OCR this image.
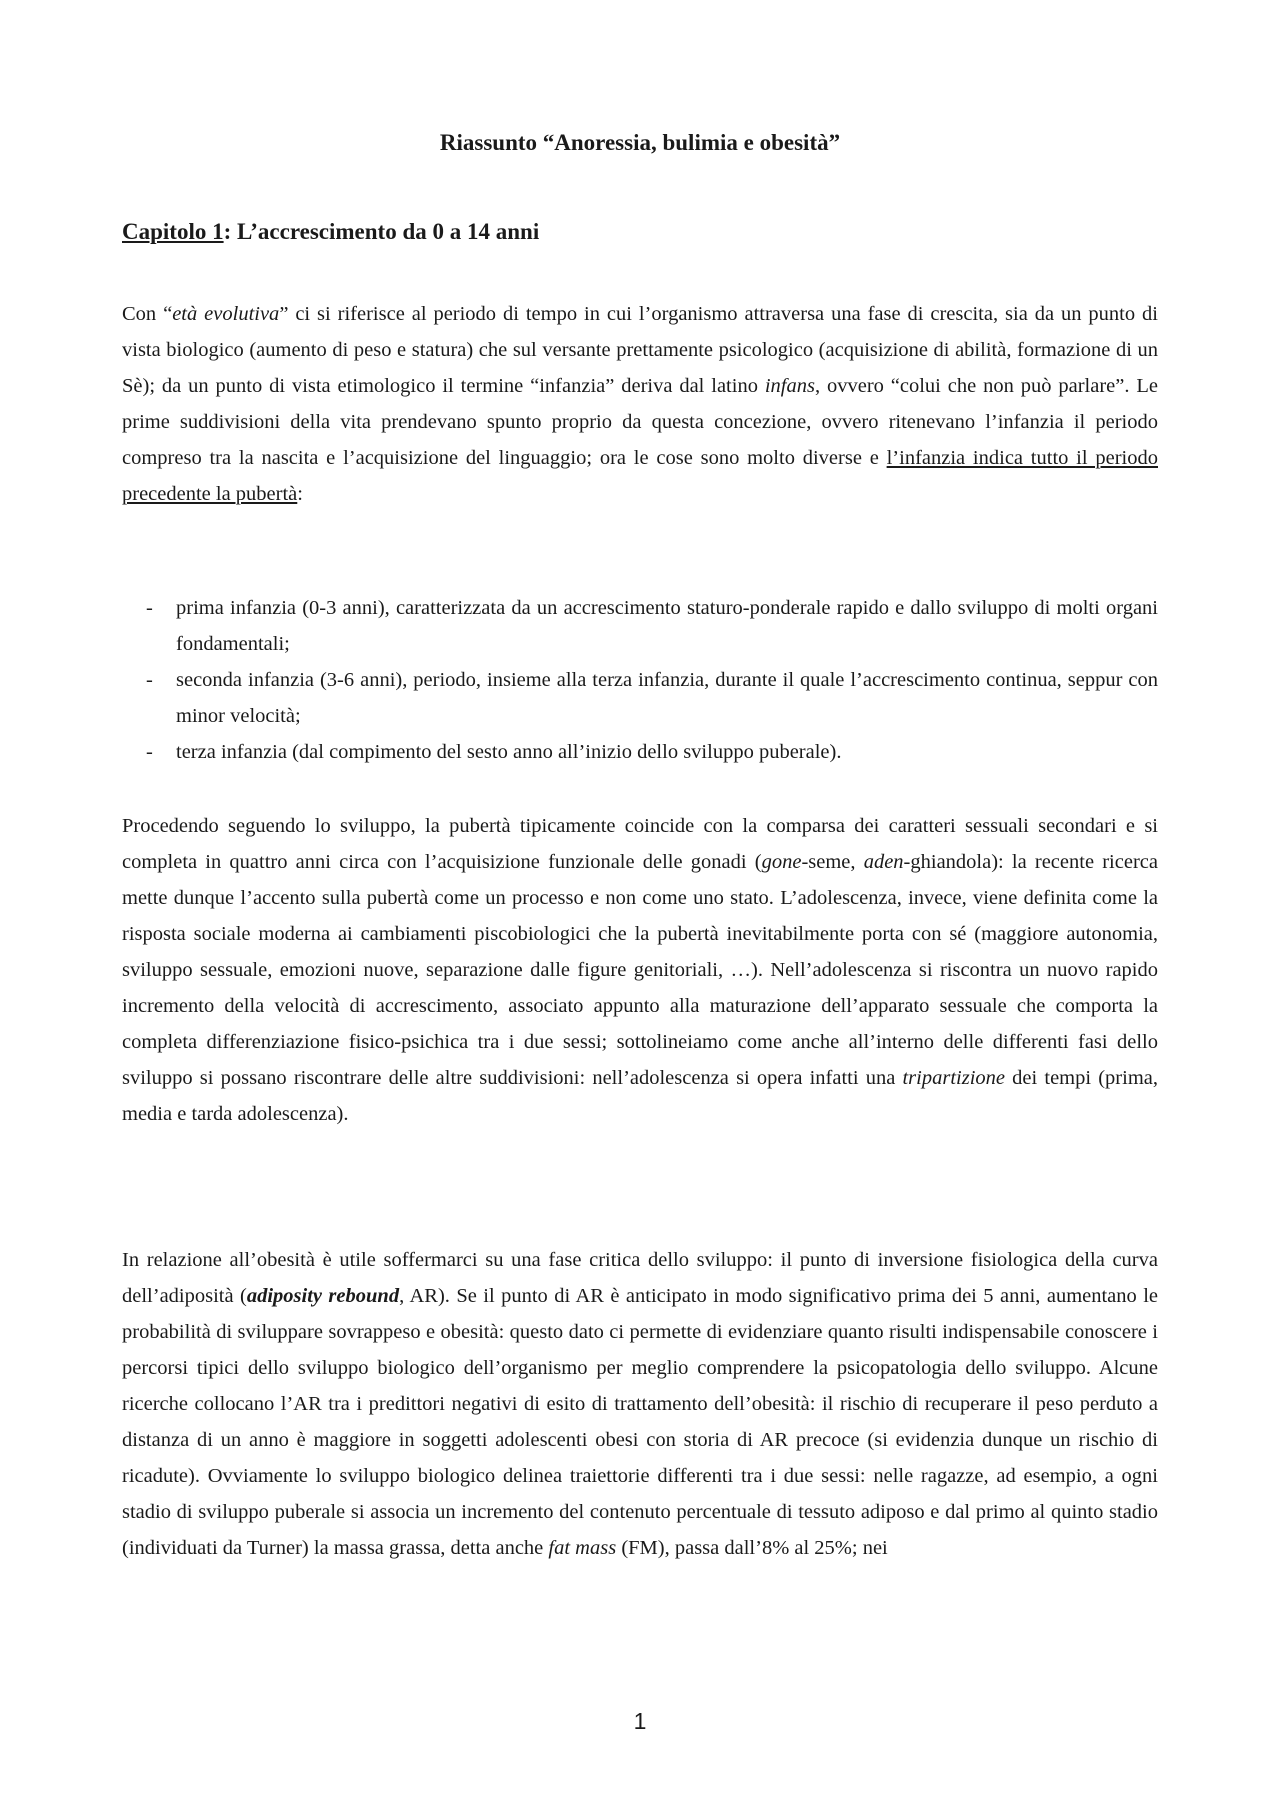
Riassunto “Anoressia, bulimia e obesità”
Capitolo 1: L’accrescimento da 0 a 14 anni

Con “età evolutiva” ci si riferisce al periodo di tempo in cui l’organismo attraversa una fase di crescita, sia da un punto di vista biologico (aumento di peso e statura) che sul versante prettamente psicologico (acquisizione di abilità, formazione di un Sè); da un punto di vista etimologico il termine “infanzia” deriva dal latino infans, ovvero “colui che non può parlare”. Le prime suddivisioni della vita prendevano spunto proprio da questa concezione, ovvero ritenevano l’infanzia il periodo compreso tra la nascita e l’acquisizione del linguaggio; ora le cose sono molto diverse e l’infanzia indica tutto il periodo precedente la pubertà:

- prima infanzia (0-3 anni), caratterizzata da un accrescimento staturo-ponderale rapido e dallo sviluppo di molti organi fondamentali;
- seconda infanzia (3-6 anni), periodo, insieme alla terza infanzia, durante il quale l’accrescimento continua, seppur con minor velocità;
- terza infanzia (dal compimento del sesto anno all’inizio dello sviluppo puberale).

Procedendo seguendo lo sviluppo, la pubertà tipicamente coincide con la comparsa dei caratteri sessuali secondari e si completa in quattro anni circa con l’acquisizione funzionale delle gonadi (gone-seme, aden-ghiandola): la recente ricerca mette dunque l’accento sulla pubertà come un processo e non come uno stato. L’adolescenza, invece, viene definita come la risposta sociale moderna ai cambiamenti piscobiologici che la pubertà inevitabilmente porta con sé (maggiore autonomia, sviluppo sessuale, emozioni nuove, separazione dalle figure genitoriali, …). Nell’adolescenza si riscontra un nuovo rapido incremento della velocità di accrescimento, associato appunto alla maturazione dell’apparato sessuale che comporta la completa differenziazione fisico-psichica tra i due sessi; sottolineiamo come anche all’interno delle differenti fasi dello sviluppo si possano riscontrare delle altre suddivisioni: nell’adolescenza si opera infatti una tripartizione dei tempi (prima, media e tarda adolescenza).

In relazione all’obesità è utile soffermarci su una fase critica dello sviluppo: il punto di inversione fisiologica della curva dell’adiposità (adiposity rebound, AR). Se il punto di AR è anticipato in modo significativo prima dei 5 anni, aumentano le probabilità di sviluppare sovrappeso e obesità: questo dato ci permette di evidenziare quanto risulti indispensabile conoscere i percorsi tipici dello sviluppo biologico dell’organismo per meglio comprendere la psicopatologia dello sviluppo. Alcune ricerche collocano l’AR tra i predittori negativi di esito di trattamento dell’obesità: il rischio di recuperare il peso perduto a distanza di un anno è maggiore in soggetti adolescenti obesi con storia di AR precoce (si evidenzia dunque un rischio di ricadute). Ovviamente lo sviluppo biologico delinea traiettorie differenti tra i due sessi: nelle ragazze, ad esempio, a ogni stadio di sviluppo puberale si associa un incremento del contenuto percentuale di tessuto adiposo e dal primo al quinto stadio (individuati da Turner) la massa grassa, detta anche fat mass (FM), passa dall’8% al 25%; nei

1
